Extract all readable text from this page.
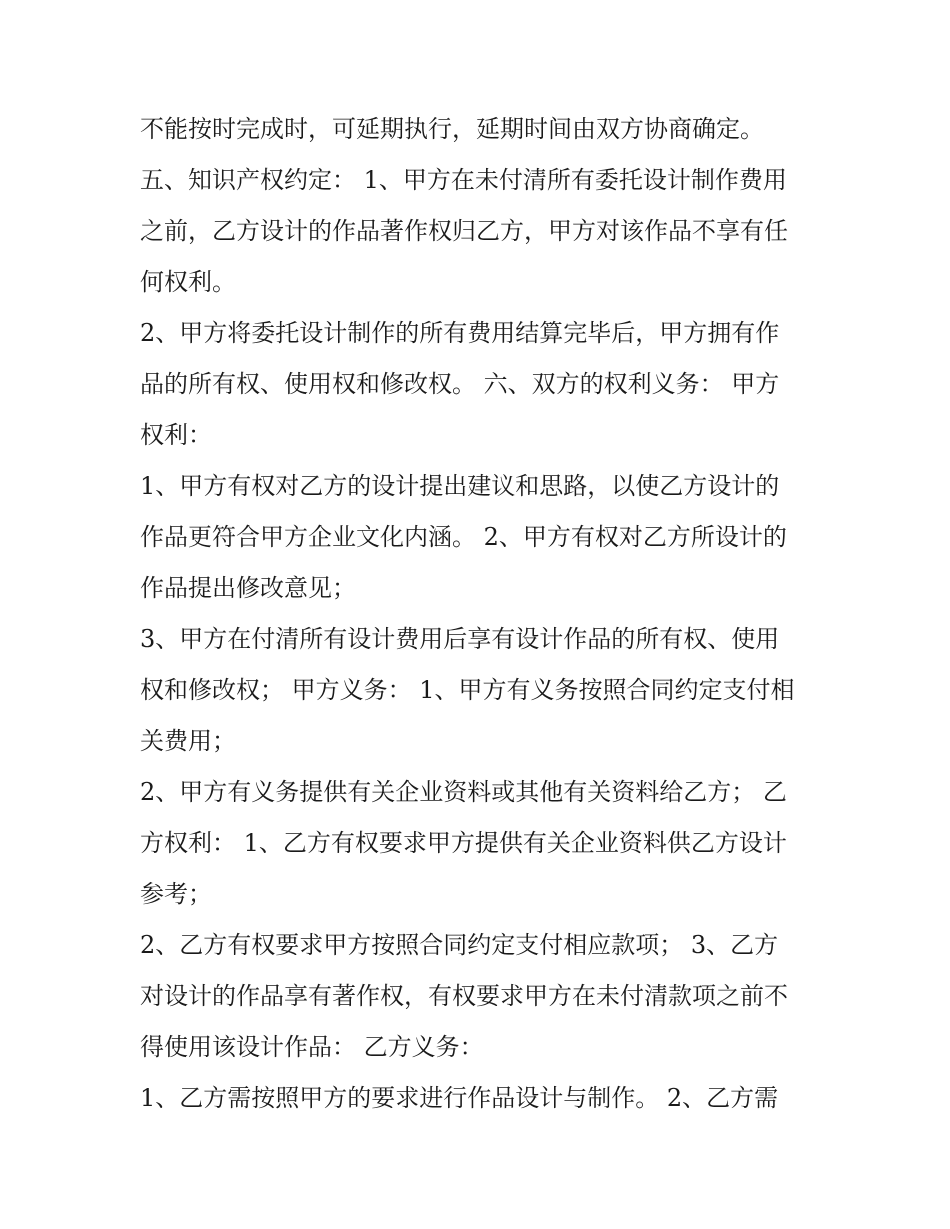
不能按时完成时，可延期执行，延期时间由双方协商确定。
五、知识产权约定： 1、甲方在未付清所有委托设计制作费用
之前，乙方设计的作品著作权归乙方，甲方对该作品不享有任
何权利。
2、甲方将委托设计制作的所有费用结算完毕后，甲方拥有作
品的所有权、使用权和修改权。 六、双方的权利义务： 甲方
权利：
1、甲方有权对乙方的设计提出建议和思路，以使乙方设计的
作品更符合甲方企业文化内涵。 2、甲方有权对乙方所设计的
作品提出修改意见；
3、甲方在付清所有设计费用后享有设计作品的所有权、使用
权和修改权； 甲方义务： 1、甲方有义务按照合同约定支付相
关费用；
2、甲方有义务提供有关企业资料或其他有关资料给乙方； 乙
方权利： 1、乙方有权要求甲方提供有关企业资料供乙方设计
参考；
2、乙方有权要求甲方按照合同约定支付相应款项； 3、乙方
对设计的作品享有著作权，有权要求甲方在未付清款项之前不
得使用该设计作品： 乙方义务：
1、乙方需按照甲方的要求进行作品设计与制作。 2、乙方需
